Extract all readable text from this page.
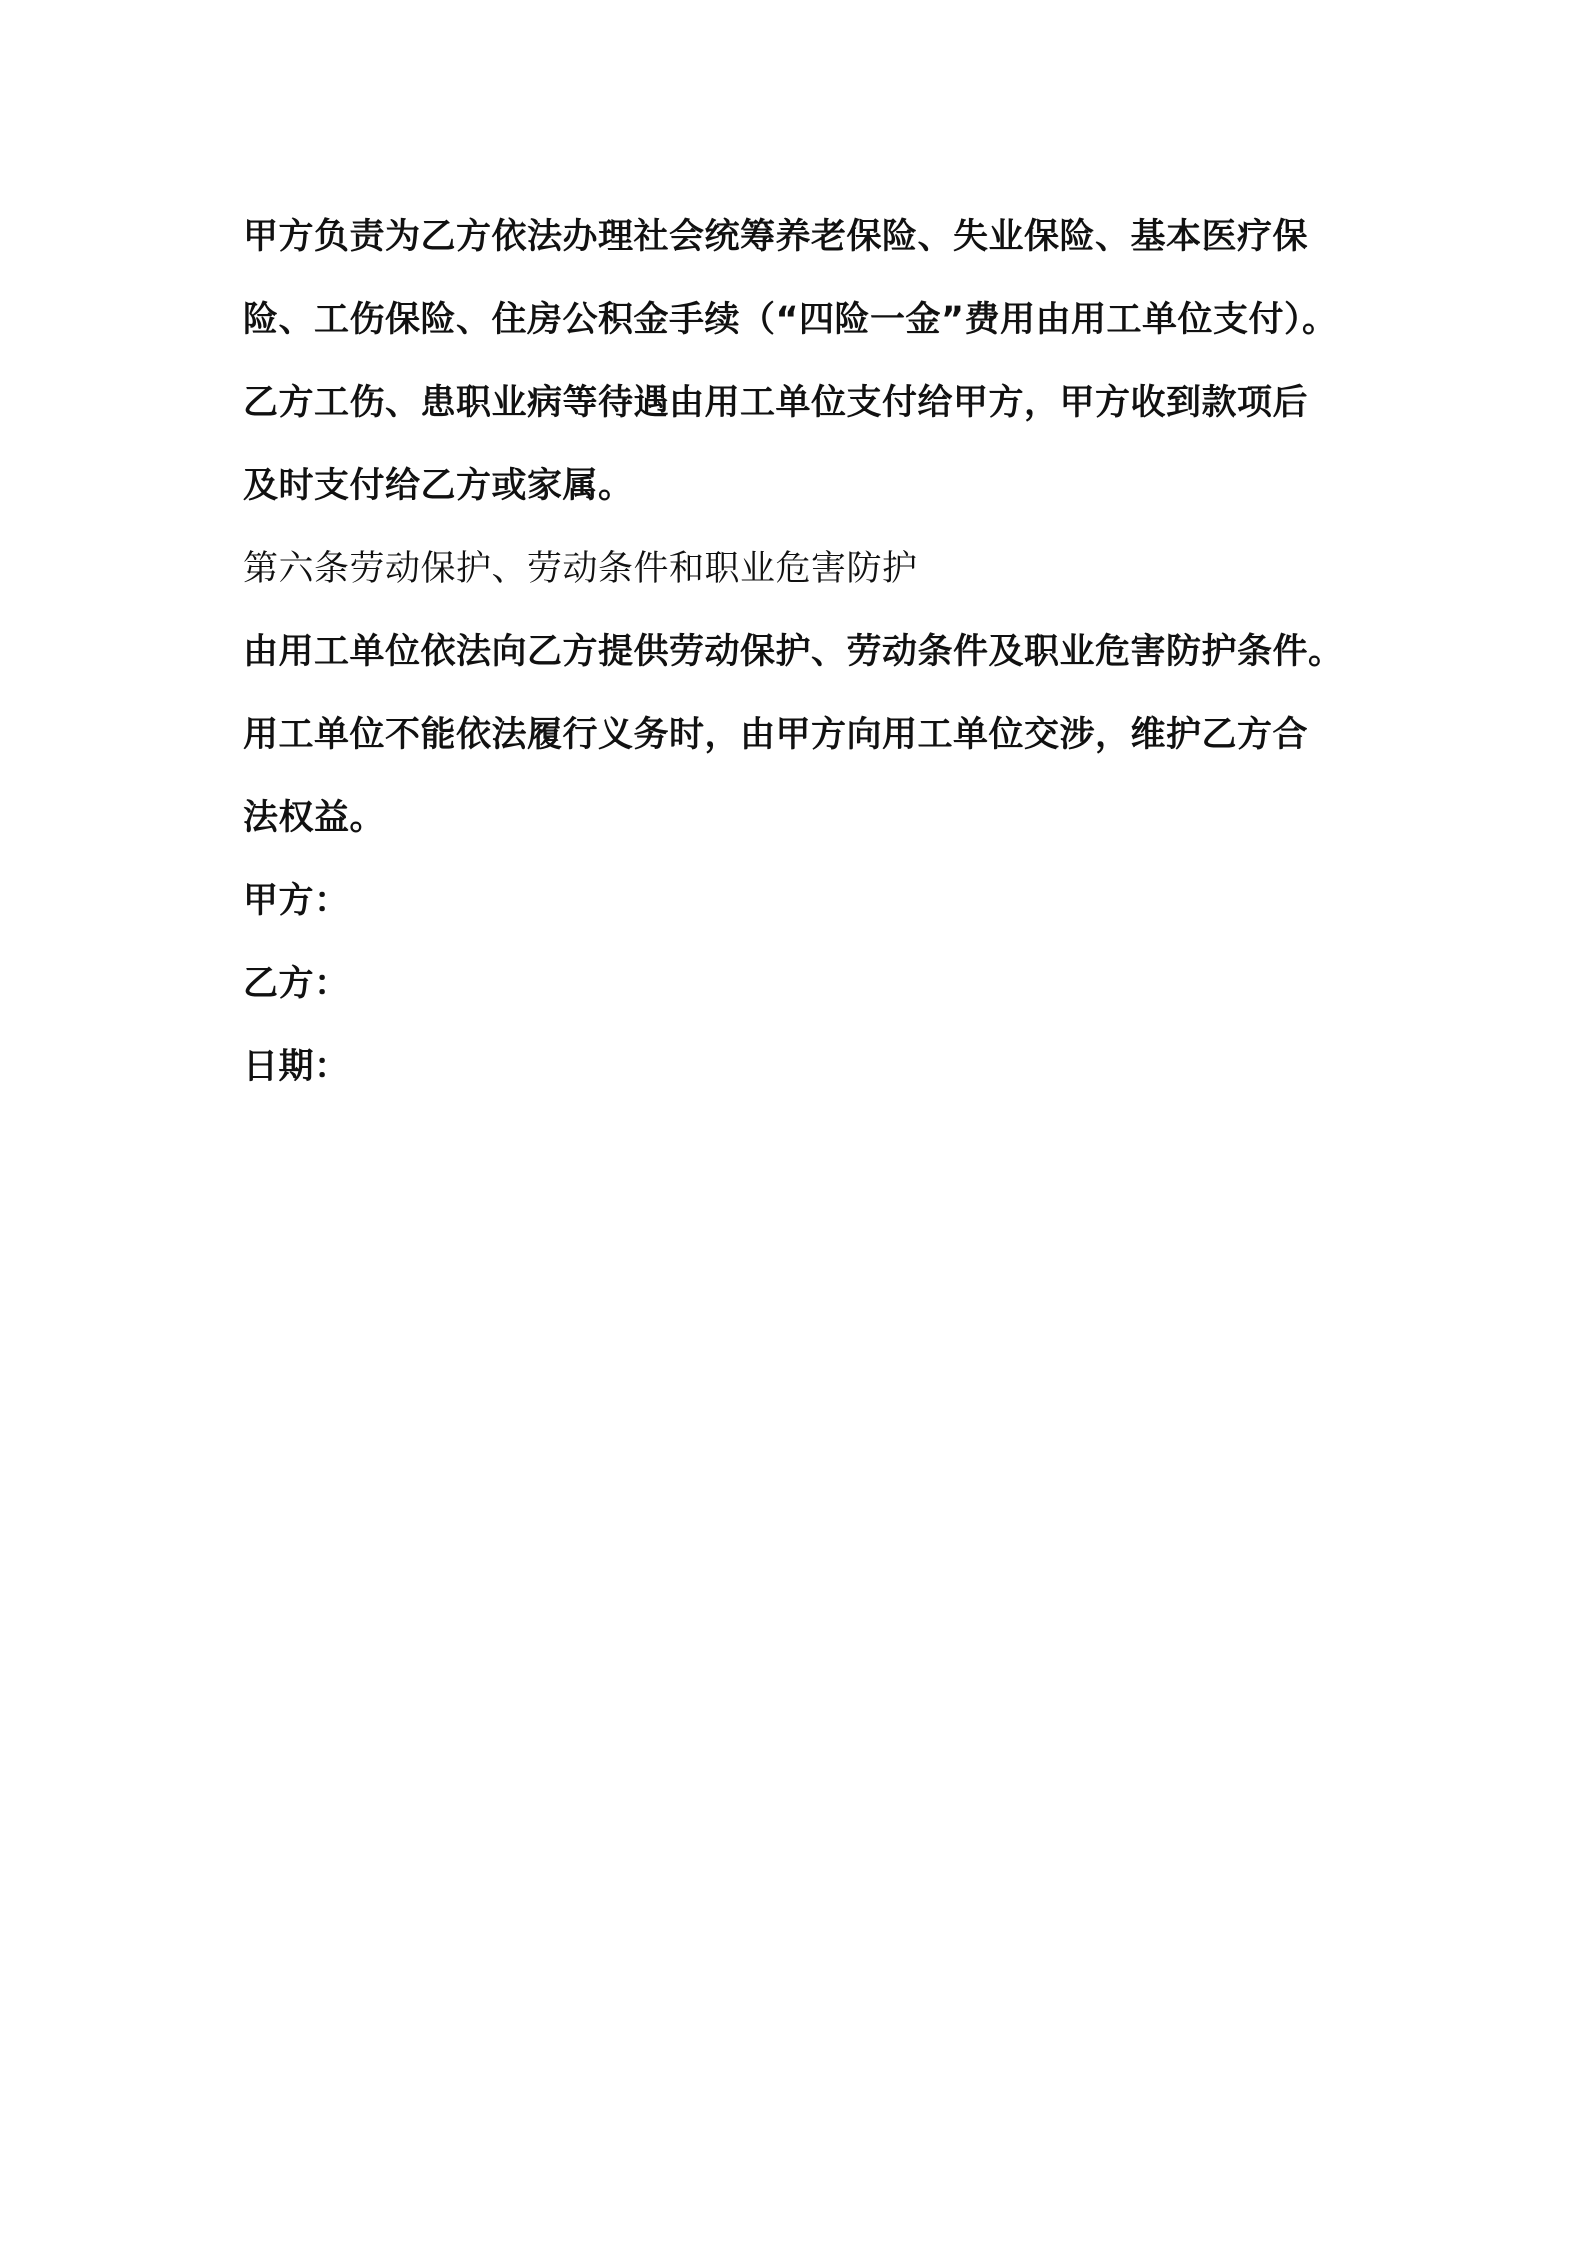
甲方负责为乙方依法办理社会统筹养老保险、失业保险、基本医疗保
险、工伤保险、住房公积金手续（“四险一金”费用由用工单位支付）。
乙方工伤、患职业病等待遇由用工单位支付给甲方，甲方收到款项后
及时支付给乙方或家属。
第六条劳动保护、劳动条件和职业危害防护
由用工单位依法向乙方提供劳动保护、劳动条件及职业危害防护条件。
用工单位不能依法履行义务时，由甲方向用工单位交涉，维护乙方合
法权益。
甲方：
乙方：
日期：
